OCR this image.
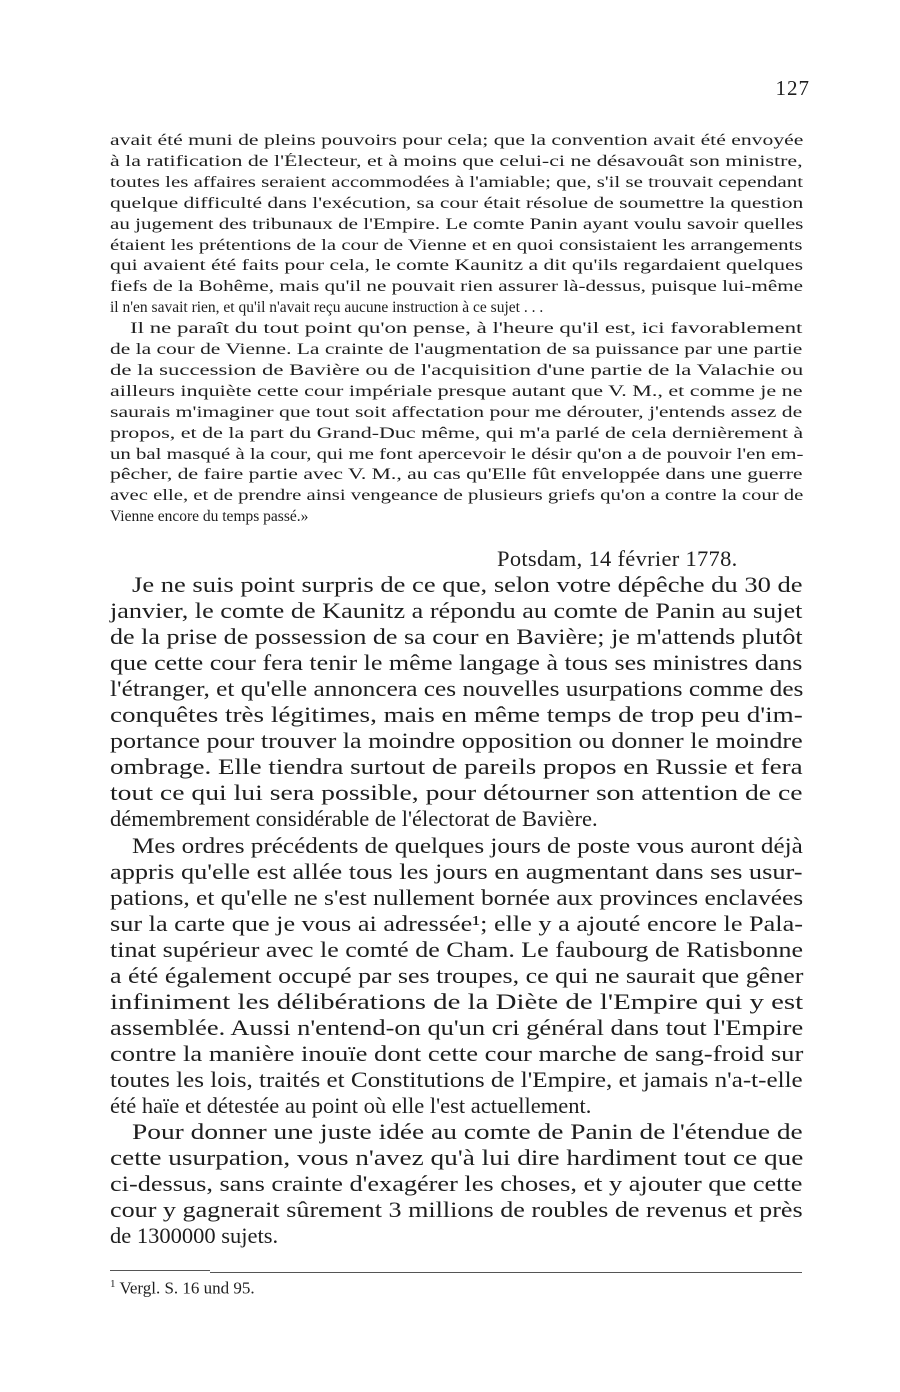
127
avait été muni de pleins pouvoirs pour cela; que la convention avait été envoyée
à la ratification de l'Électeur, et à moins que celui-ci ne désavouât son ministre,
toutes les affaires seraient accommodées à l'amiable; que, s'il se trouvait cependant
quelque difficulté dans l'exécution, sa cour était résolue de soumettre la question
au jugement des tribunaux de l'Empire. Le comte Panin ayant voulu savoir quelles
étaient les prétentions de la cour de Vienne et en quoi consistaient les arrangements
qui avaient été faits pour cela, le comte Kaunitz a dit qu'ils regardaient quelques
fiefs de la Bohême, mais qu'il ne pouvait rien assurer là-dessus, puisque lui-même
il n'en savait rien, et qu'il n'avait reçu aucune instruction à ce sujet . . .
Il ne paraît du tout point qu'on pense, à l'heure qu'il est, ici favorablement
de la cour de Vienne. La crainte de l'augmentation de sa puissance par une partie
de la succession de Bavière ou de l'acquisition d'une partie de la Valachie ou
ailleurs inquiète cette cour impériale presque autant que V. M., et comme je ne
saurais m'imaginer que tout soit affectation pour me dérouter, j'entends assez de
propos, et de la part du Grand-Duc même, qui m'a parlé de cela dernièrement à
un bal masqué à la cour, qui me font apercevoir le désir qu'on a de pouvoir l'en em-
pêcher, de faire partie avec V. M., au cas qu'Elle fût enveloppée dans une guerre
avec elle, et de prendre ainsi vengeance de plusieurs griefs qu'on a contre la cour de
Vienne encore du temps passé.»
Potsdam, 14 février 1778.
Je ne suis point surpris de ce que, selon votre dépêche du 30 de
janvier, le comte de Kaunitz a répondu au comte de Panin au sujet
de la prise de possession de sa cour en Bavière; je m'attends plutôt
que cette cour fera tenir le même langage à tous ses ministres dans
l'étranger, et qu'elle annoncera ces nouvelles usurpations comme des
conquêtes très légitimes, mais en même temps de trop peu d'im-
portance pour trouver la moindre opposition ou donner le moindre
ombrage. Elle tiendra surtout de pareils propos en Russie et fera
tout ce qui lui sera possible, pour détourner son attention de ce
démembrement considérable de l'électorat de Bavière.
Mes ordres précédents de quelques jours de poste vous auront déjà
appris qu'elle est allée tous les jours en augmentant dans ses usur-
pations, et qu'elle ne s'est nullement bornée aux provinces enclavées
sur la carte que je vous ai adressée¹; elle y a ajouté encore le Pala-
tinat supérieur avec le comté de Cham. Le faubourg de Ratisbonne
a été également occupé par ses troupes, ce qui ne saurait que gêner
infiniment les délibérations de la Diète de l'Empire qui y est
assemblée. Aussi n'entend-on qu'un cri général dans tout l'Empire
contre la manière inouïe dont cette cour marche de sang-froid sur
toutes les lois, traités et Constitutions de l'Empire, et jamais n'a-t-elle
été haïe et détestée au point où elle l'est actuellement.
Pour donner une juste idée au comte de Panin de l'étendue de
cette usurpation, vous n'avez qu'à lui dire hardiment tout ce que
ci-dessus, sans crainte d'exagérer les choses, et y ajouter que cette
cour y gagnerait sûrement 3 millions de roubles de revenus et près
de 1300000 sujets.
$^1$ Vergl. S. 16 und 95.
